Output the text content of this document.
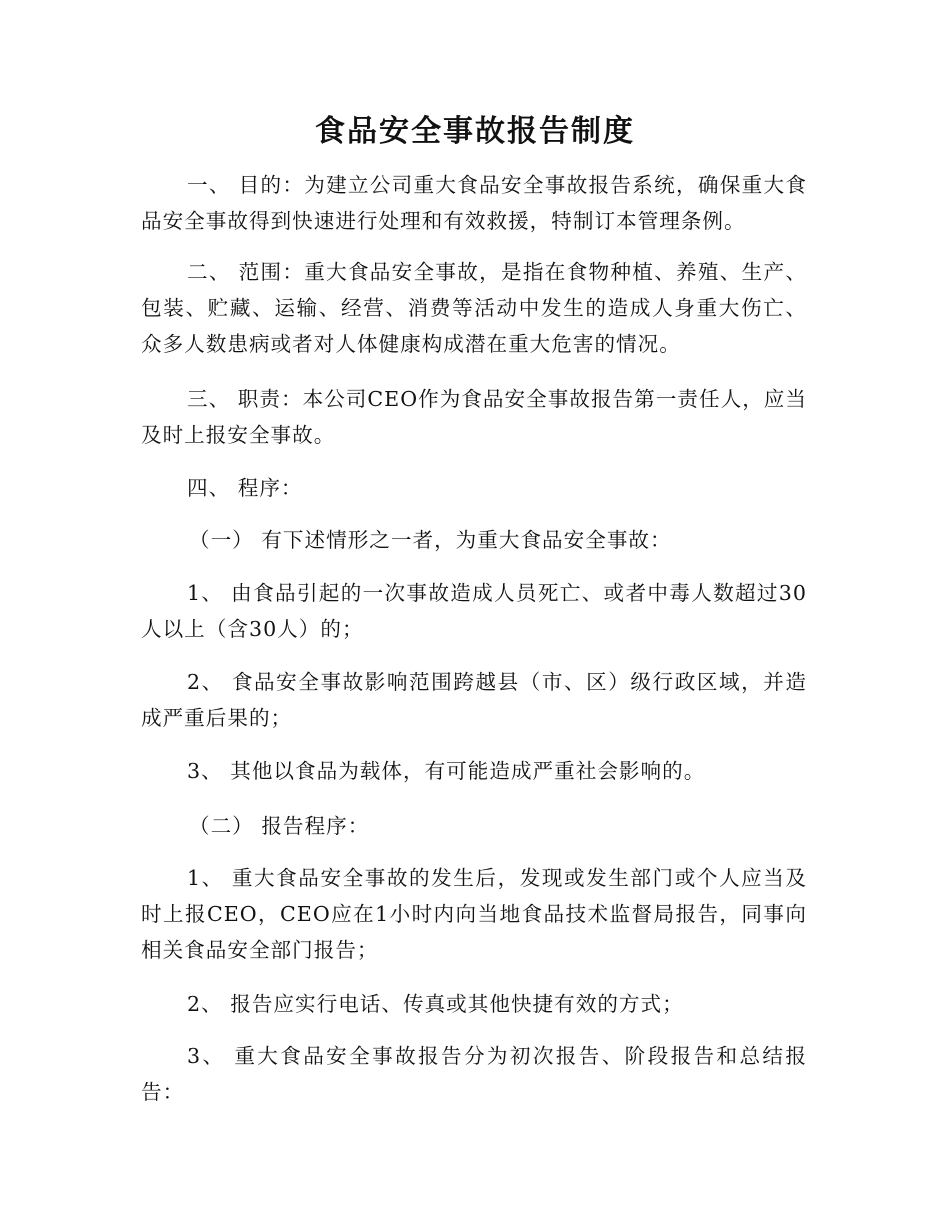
食品安全事故报告制度

一、 目的：为建立公司重大食品安全事故报告系统，确保重大食品安全事故得到快速进行处理和有效救援，特制订本管理条例。

二、 范围：重大食品安全事故，是指在食物种植、养殖、生产、包装、贮藏、运输、经营、消费等活动中发生的造成人身重大伤亡、众多人数患病或者对人体健康构成潜在重大危害的情况。

三、 职责：本公司CEO作为食品安全事故报告第一责任人，应当及时上报安全事故。

四、 程序：

（一） 有下述情形之一者，为重大食品安全事故：

1、 由食品引起的一次事故造成人员死亡、或者中毒人数超过30人以上（含30人）的；

2、 食品安全事故影响范围跨越县（市、区）级行政区域，并造成严重后果的；

3、 其他以食品为载体，有可能造成严重社会影响的。

（二） 报告程序：

1、 重大食品安全事故的发生后，发现或发生部门或个人应当及时上报CEO，CEO应在1小时内向当地食品技术监督局报告，同事向相关食品安全部门报告；

2、 报告应实行电话、传真或其他快捷有效的方式；

3、 重大食品安全事故报告分为初次报告、阶段报告和总结报告：
